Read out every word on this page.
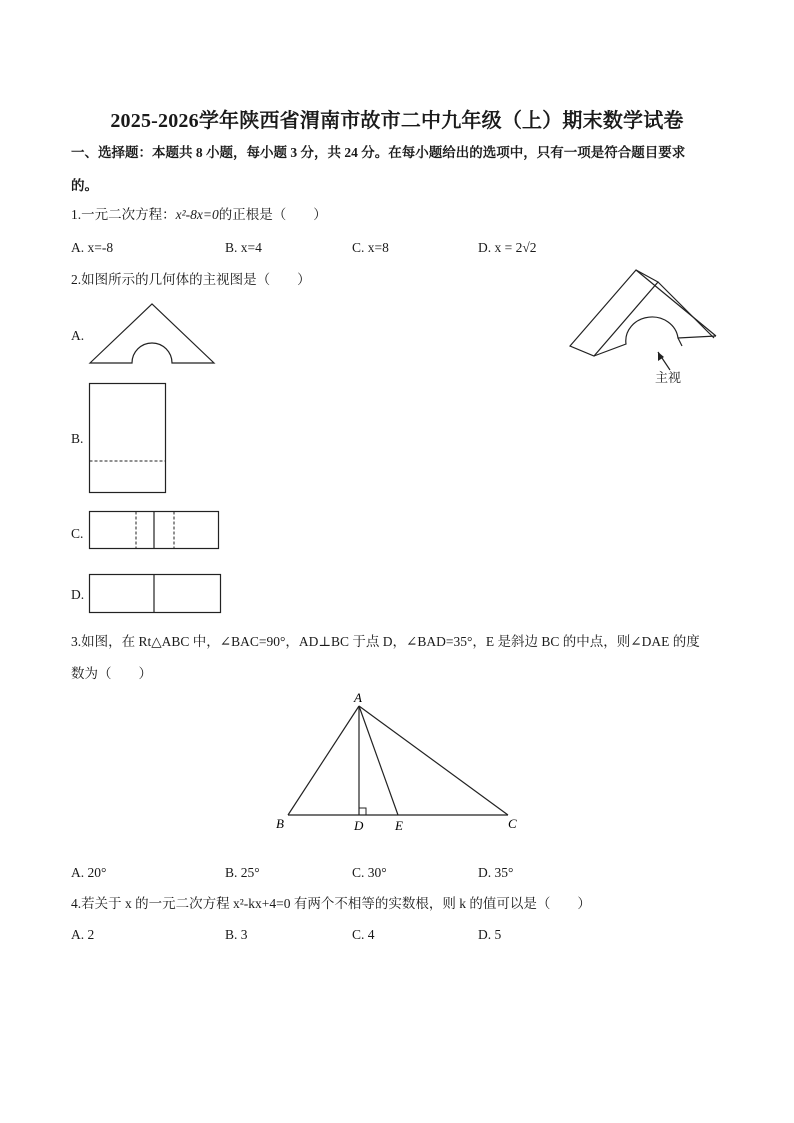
2025-2026学年陕西省渭南市故市二中九年级（上）期末数学试卷
一、选择题：本题共 8 小题，每小题 3 分，共 24 分。在每小题给出的选项中，只有一项是符合题目要求
的。
1.一元二次方程：x²-8x=0的正根是（　　）
A. x=-8	B. x=4	C. x=8	D. x = 2√2
2.如图所示的几何体的主视图是（　　）
A.
B.
C.
D.
主视
3.如图，在 Rt△ABC 中，∠BAC=90°，AD⊥BC 于点 D，∠BAD=35°，E 是斜边 BC 的中点，则∠DAE 的度
数为（　　）
A
B	D E	C
A. 20°	B. 25°	C. 30°	D. 35°
4.若关于 x 的一元二次方程 x²-kx+4=0 有两个不相等的实数根，则 k 的值可以是（　　）
A. 2	B. 3	C. 4	D. 5
